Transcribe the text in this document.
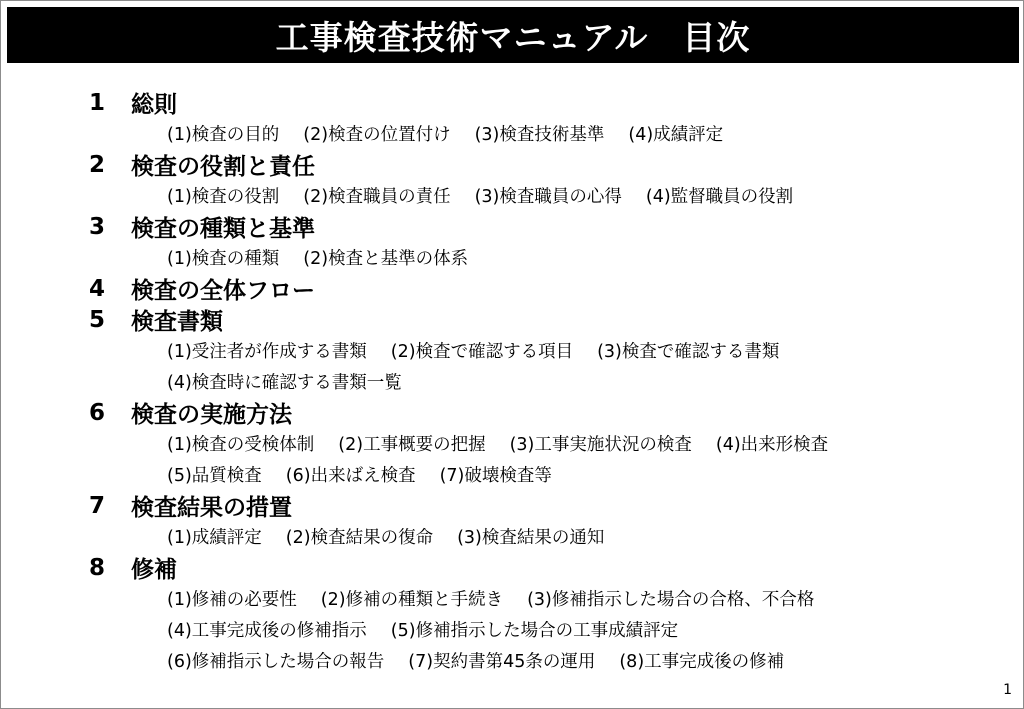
工事検査技術マニュアル　目次
1	総則
(1)検査の目的 (2)検査の位置付け (3)検査技術基準 (4)成績評定
2	検査の役割と責任
(1)検査の役割 (2)検査職員の責任 (3)検査職員の心得 (4)監督職員の役割
3	検査の種類と基準
(1)検査の種類 (2)検査と基準の体系
4	検査の全体フロー
5	検査書類
(1)受注者が作成する書類 (2)検査で確認する項目 (3)検査で確認する書類
(4)検査時に確認する書類一覧
6	検査の実施方法
(1)検査の受検体制 (2)工事概要の把握 (3)工事実施状況の検査 (4)出来形検査
(5)品質検査 (6)出来ばえ検査 (7)破壊検査等
7	検査結果の措置
(1)成績評定 (2)検査結果の復命 (3)検査結果の通知
8	修補
(1)修補の必要性 (2)修補の種類と手続き (3)修補指示した場合の合格、不合格
(4)工事完成後の修補指示 (5)修補指示した場合の工事成績評定
(6)修補指示した場合の報告 (7)契約書第45条の運用 (8)工事完成後の修補
1
